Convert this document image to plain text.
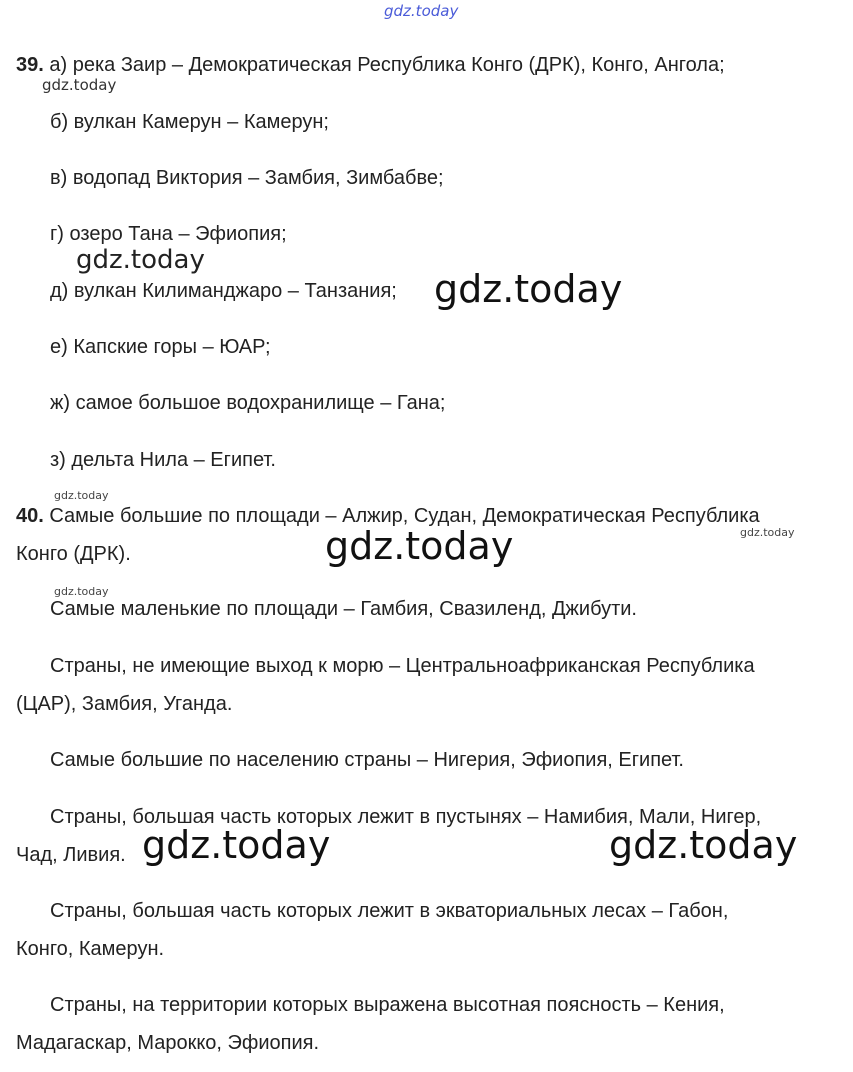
gdz.today
gdz.today
gdz.today
gdz.today
gdz.today
gdz.today	gdz.today
gdz.today
gdz.today	gdz.today
39. а) река Заир – Демократическая Республика Конго (ДРК), Конго, Ангола;
б) вулкан Камерун – Камерун;
в) водопад Виктория – Замбия, Зимбабве;
г) озеро Тана – Эфиопия;
д) вулкан Килиманджаро – Танзания;
е) Капские горы – ЮАР;
ж) самое большое водохранилище – Гана;
з) дельта Нила – Египет.
40. Самые большие по площади – Алжир, Судан, Демократическая Республика
Конго (ДРК).
Самые маленькие по площади – Гамбия, Свазиленд, Джибути.
Страны, не имеющие выход к морю – Центральноафриканская Республика
(ЦАР), Замбия, Уганда.
Самые большие по населению страны – Нигерия, Эфиопия, Египет.
Страны, большая часть которых лежит в пустынях – Намибия, Мали, Нигер,
Чад, Ливия.
Страны, большая часть которых лежит в экваториальных лесах – Габон,
Конго, Камерун.
Страны, на территории которых выражена высотная поясность – Кения,
Мадагаскар, Марокко, Эфиопия.
